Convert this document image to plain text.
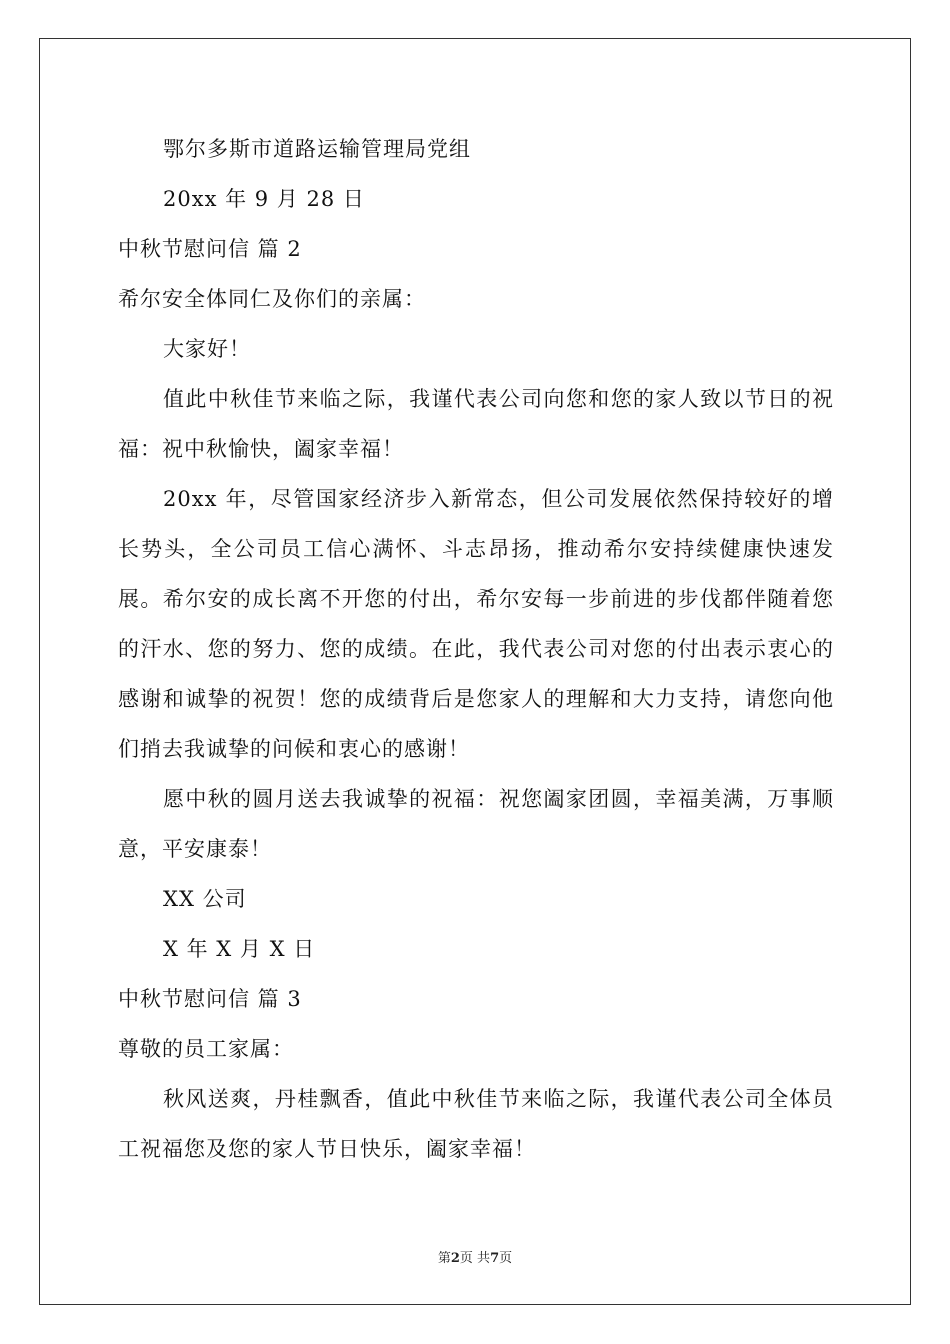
鄂尔多斯市道路运输管理局党组
20xx 年 9 月 28 日
中秋节慰问信 篇 2
希尔安全体同仁及你们的亲属：
大家好！

值此中秋佳节来临之际，我谨代表公司向您和您的家人致以节日的祝福：祝中秋愉快，阖家幸福！

20xx 年，尽管国家经济步入新常态，但公司发展依然保持较好的增长势头，全公司员工信心满怀、斗志昂扬，推动希尔安持续健康快速发展。希尔安的成长离不开您的付出，希尔安每一步前进的步伐都伴随着您的汗水、您的努力、您的成绩。在此，我代表公司对您的付出表示衷心的感谢和诚挚的祝贺！您的成绩背后是您家人的理解和大力支持，请您向他们捎去我诚挚的问候和衷心的感谢！

愿中秋的圆月送去我诚挚的祝福：祝您阖家团圆，幸福美满，万事顺意，平安康泰！

XX 公司
X 年 X 月 X 日
中秋节慰问信 篇 3
尊敬的员工家属：

秋风送爽，丹桂飘香，值此中秋佳节来临之际，我谨代表公司全体员工祝福您及您的家人节日快乐，阖家幸福！

第2页 共7页
